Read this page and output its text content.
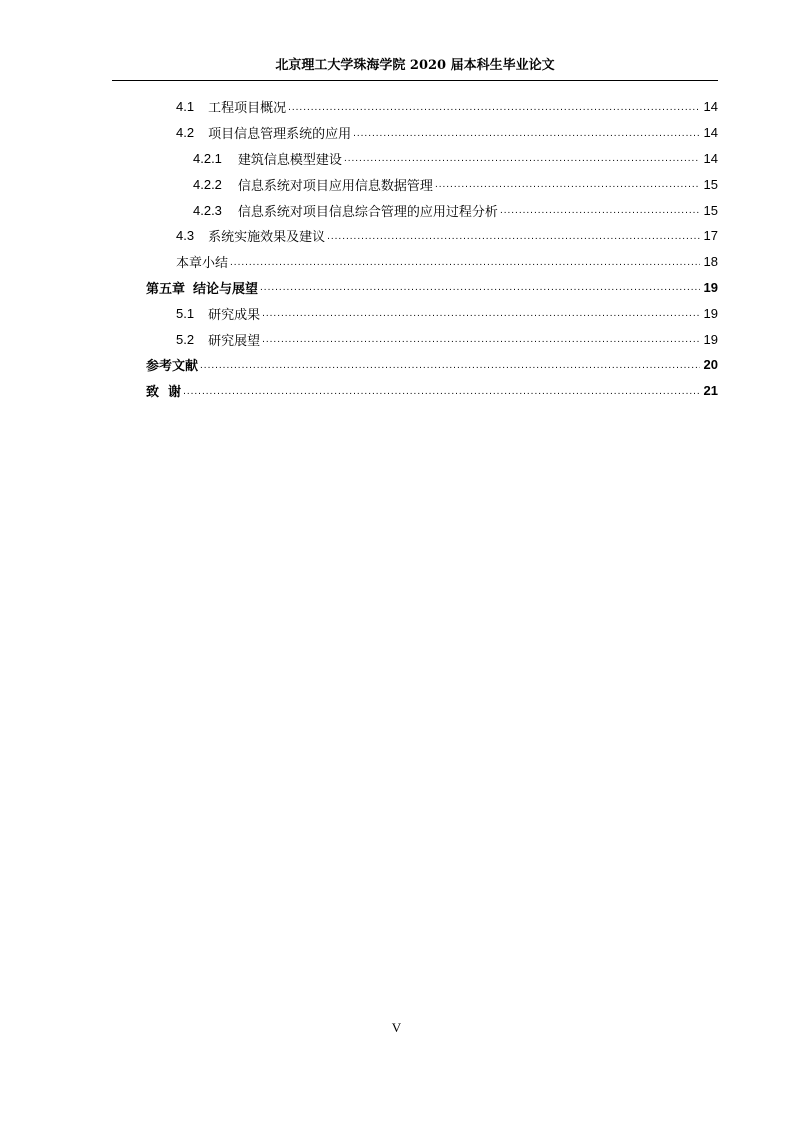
北京理工大学珠海学院 2020 届本科生毕业论文
4.1 工程项目概况 .....	14
4.2 项目信息管理系统的应用 .....	14
4.2.1 建筑信息模型建设 .....	14
4.2.2 信息系统对项目应用信息数据管理 .....	15
4.2.3 信息系统对项目信息综合管理的应用过程分析 .....	15
4.3 系统实施效果及建议 .....	17
本章小结 .....	18
第五章 结论与展望 .....	19
5.1 研究成果 .....	19
5.2 研究展望 .....	19
参考文献 .....	20
致  谢 .....	21
V
